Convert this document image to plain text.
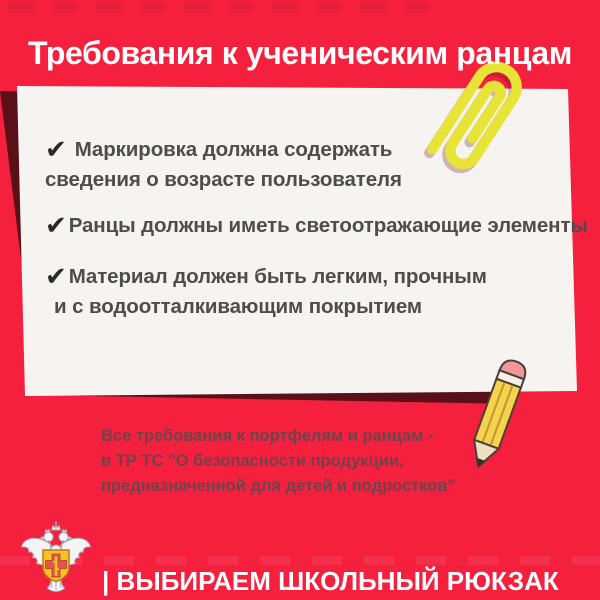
Требования к ученическим ранцам
✔ Маркировка должна содержать
сведения о возрасте пользователя
✔Ранцы должны иметь светоотражающие элементы
✔Материал должен быть легким, прочным
и с водоотталкивающим покрытием
Все требования к портфелям и ранцам -
в ТР ТС "О безопасности продукции,
предназначенной для детей и подростков"
| ВЫБИРАЕМ ШКОЛЬНЫЙ РЮКЗАК
